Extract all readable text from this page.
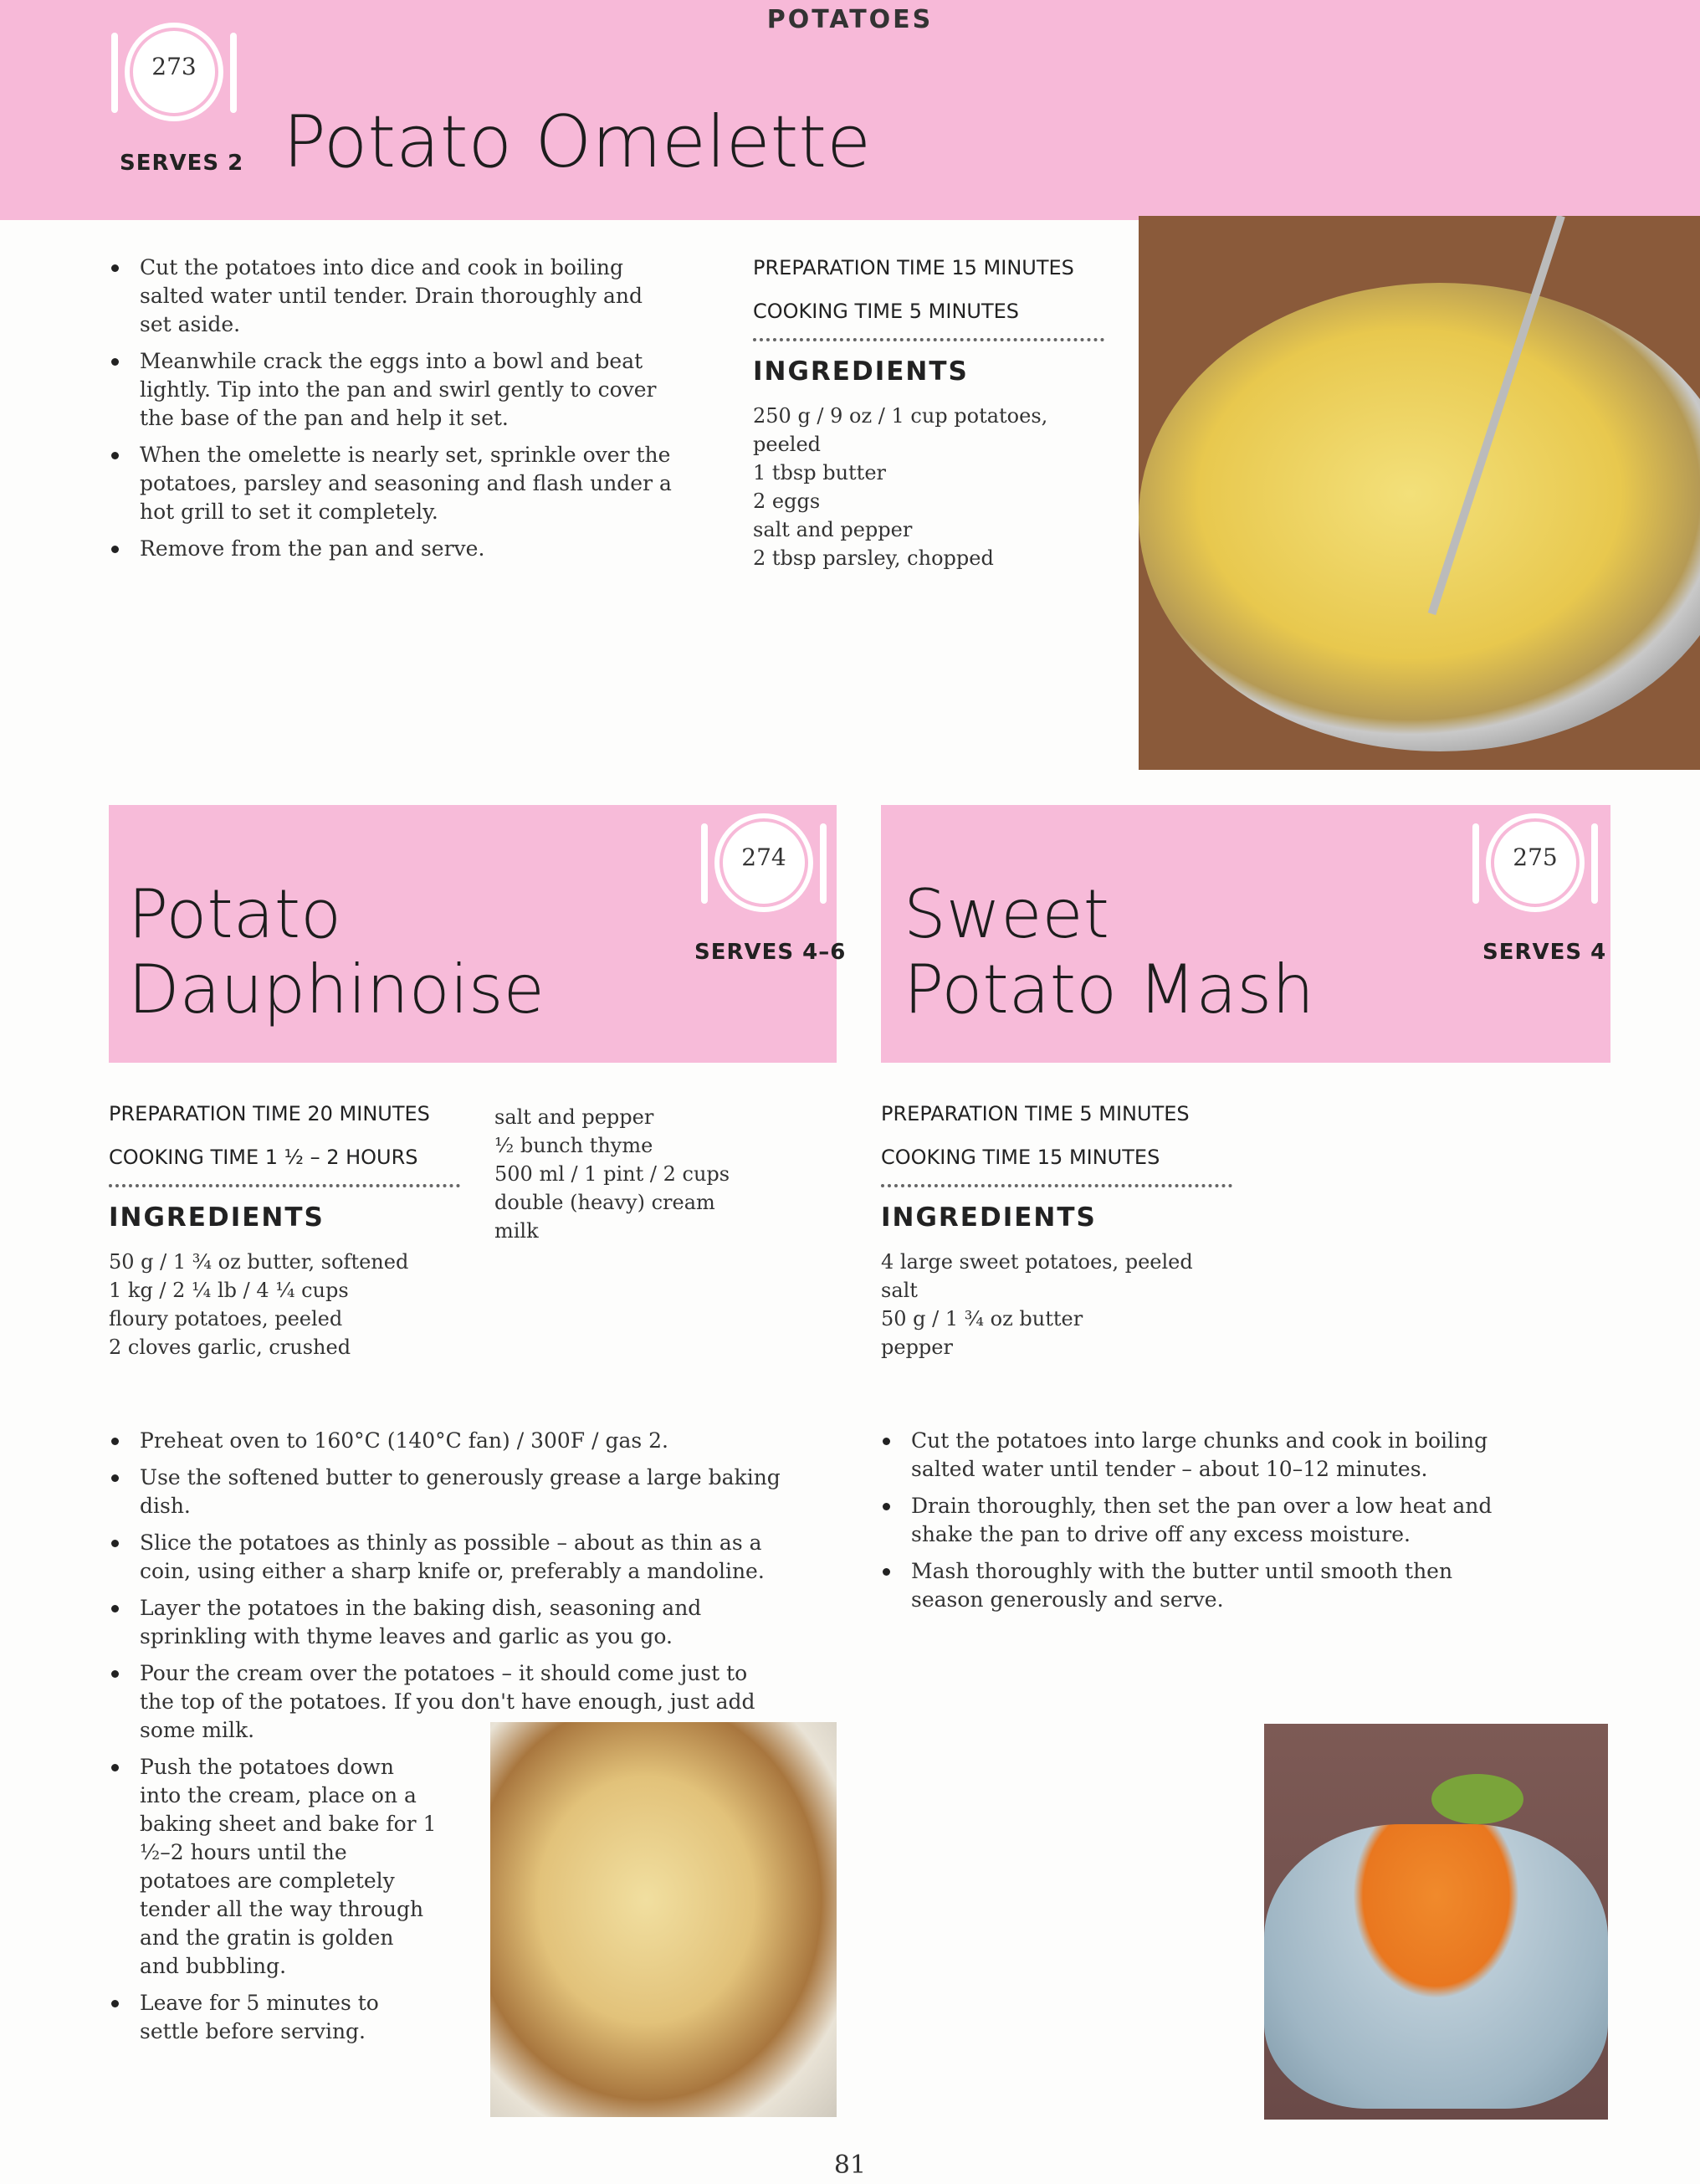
POTATOES
273
SERVES 2 Potato Omelette
Cut the potatoes into dice and cook in boiling salted water until tender. Drain thoroughly and set aside.
Meanwhile crack the eggs into a bowl and beat lightly. Tip into the pan and swirl gently to cover the base of the pan and help it set.
When the omelette is nearly set, sprinkle over the potatoes, parsley and seasoning and flash under a hot grill to set it completely.
Remove from the pan and serve.
PREPARATION TIME 15 MINUTES
COOKING TIME 5 MINUTES
INGREDIENTS
250 g / 9 oz / 1 cup potatoes, peeled
1 tbsp butter
2 eggs
salt and pepper
2 tbsp parsley, chopped
Potato
Dauphinoise
274
SERVES 4–6
PREPARATION TIME 20 MINUTES
COOKING TIME 1 ½ – 2 HOURS
INGREDIENTS
50 g / 1 ¾ oz butter, softened
1 kg / 2 ¼ lb / 4 ¼ cups floury potatoes, peeled
2 cloves garlic, crushed
salt and pepper
½ bunch thyme
500 ml / 1 pint / 2 cups double (heavy) cream
milk
Preheat oven to 160°C (140°C fan) / 300F / gas 2.
Use the softened butter to generously grease a large baking dish.
Slice the potatoes as thinly as possible – about as thin as a coin, using either a sharp knife or, preferably a mandoline.
Layer the potatoes in the baking dish, seasoning and sprinkling with thyme leaves and garlic as you go.
Pour the cream over the potatoes – it should come just to the top of the potatoes. If you don't have enough, just add some milk.
Push the potatoes down into the cream, place on a baking sheet and bake for 1 ½–2 hours until the potatoes are completely tender all the way through and the gratin is golden and bubbling.
Leave for 5 minutes to settle before serving.
Sweet
Potato Mash
275
SERVES 4
PREPARATION TIME 5 MINUTES
COOKING TIME 15 MINUTES
INGREDIENTS
4 large sweet potatoes, peeled
salt
50 g / 1 ¾ oz butter
pepper
Cut the potatoes into large chunks and cook in boiling salted water until tender – about 10–12 minutes.
Drain thoroughly, then set the pan over a low heat and shake the pan to drive off any excess moisture.
Mash thoroughly with the butter until smooth then season generously and serve.
81
